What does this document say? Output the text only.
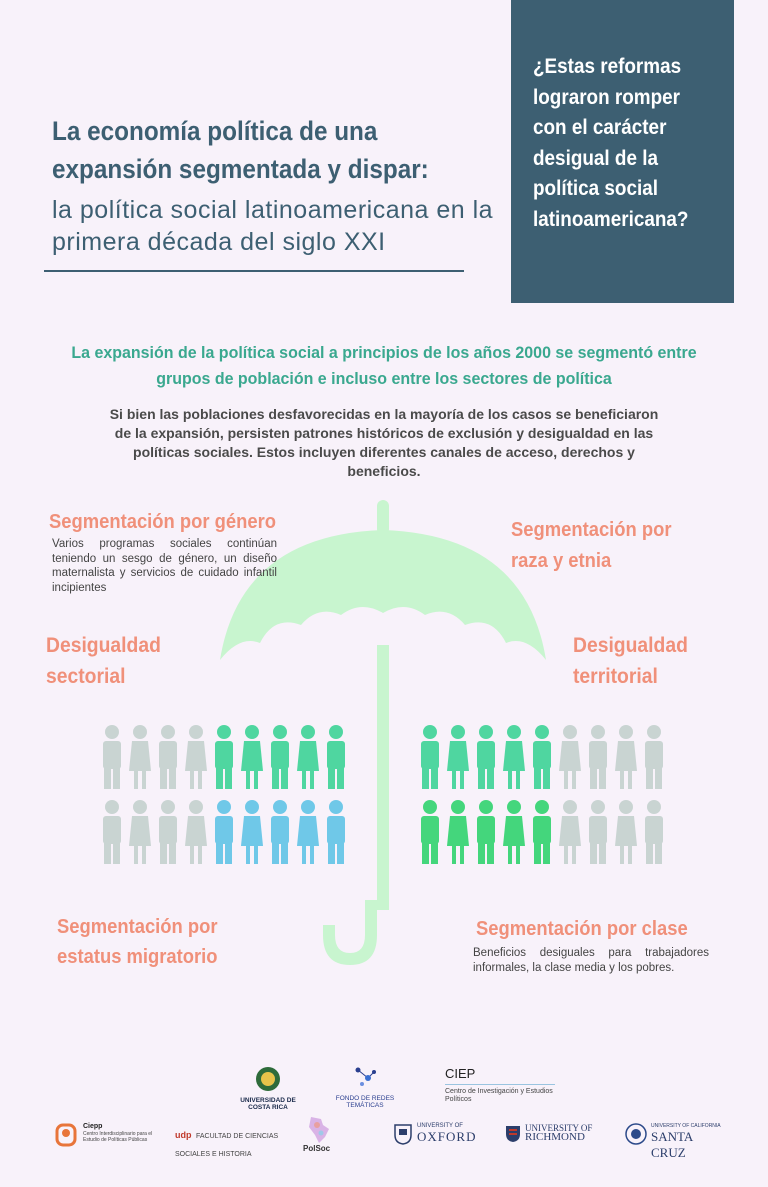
La economía política de una expansión segmentada y dispar:
la política social latinoamericana en la primera década del siglo XXI
¿Estas reformas lograron romper con el carácter desigual de la política social latinoamericana?
La expansión de la política social a principios de los años 2000 se segmentó entre grupos de población e incluso entre los sectores de política
Si bien las poblaciones desfavorecidas en la mayoría de los casos se beneficiaron de la expansión, persisten patrones históricos de exclusión y desigualdad en las políticas sociales. Estos incluyen diferentes canales de acceso, derechos y beneficios.
Segmentación por género
Varios programas sociales continúan teniendo un sesgo de género, un diseño maternalista y servicios de cuidado infantil incipientes
Segmentación por raza y etnia
Desigualdad sectorial
Desigualdad territorial
Segmentación por estatus migratorio
Segmentación por clase
Beneficios desiguales para trabajadores informales, la clase media y los pobres.
UNIVERSIDAD DE COSTA RICA
FONDO DE REDES TEMÁTICAS
CIEP
Centro de Investigación y Estudios Políticos
Ciepp
Centro Interdisciplinario para el Estudio de Políticas Públicas	udp FACULTAD DE CIENCIAS SOCIALES E HISTORIA
PolSoc
UNIVERSITY OF
OXFORD
UNIVERSITY OF
RICHMOND
UNIVERSITY OF CALIFORNIA
SANTA CRUZ
